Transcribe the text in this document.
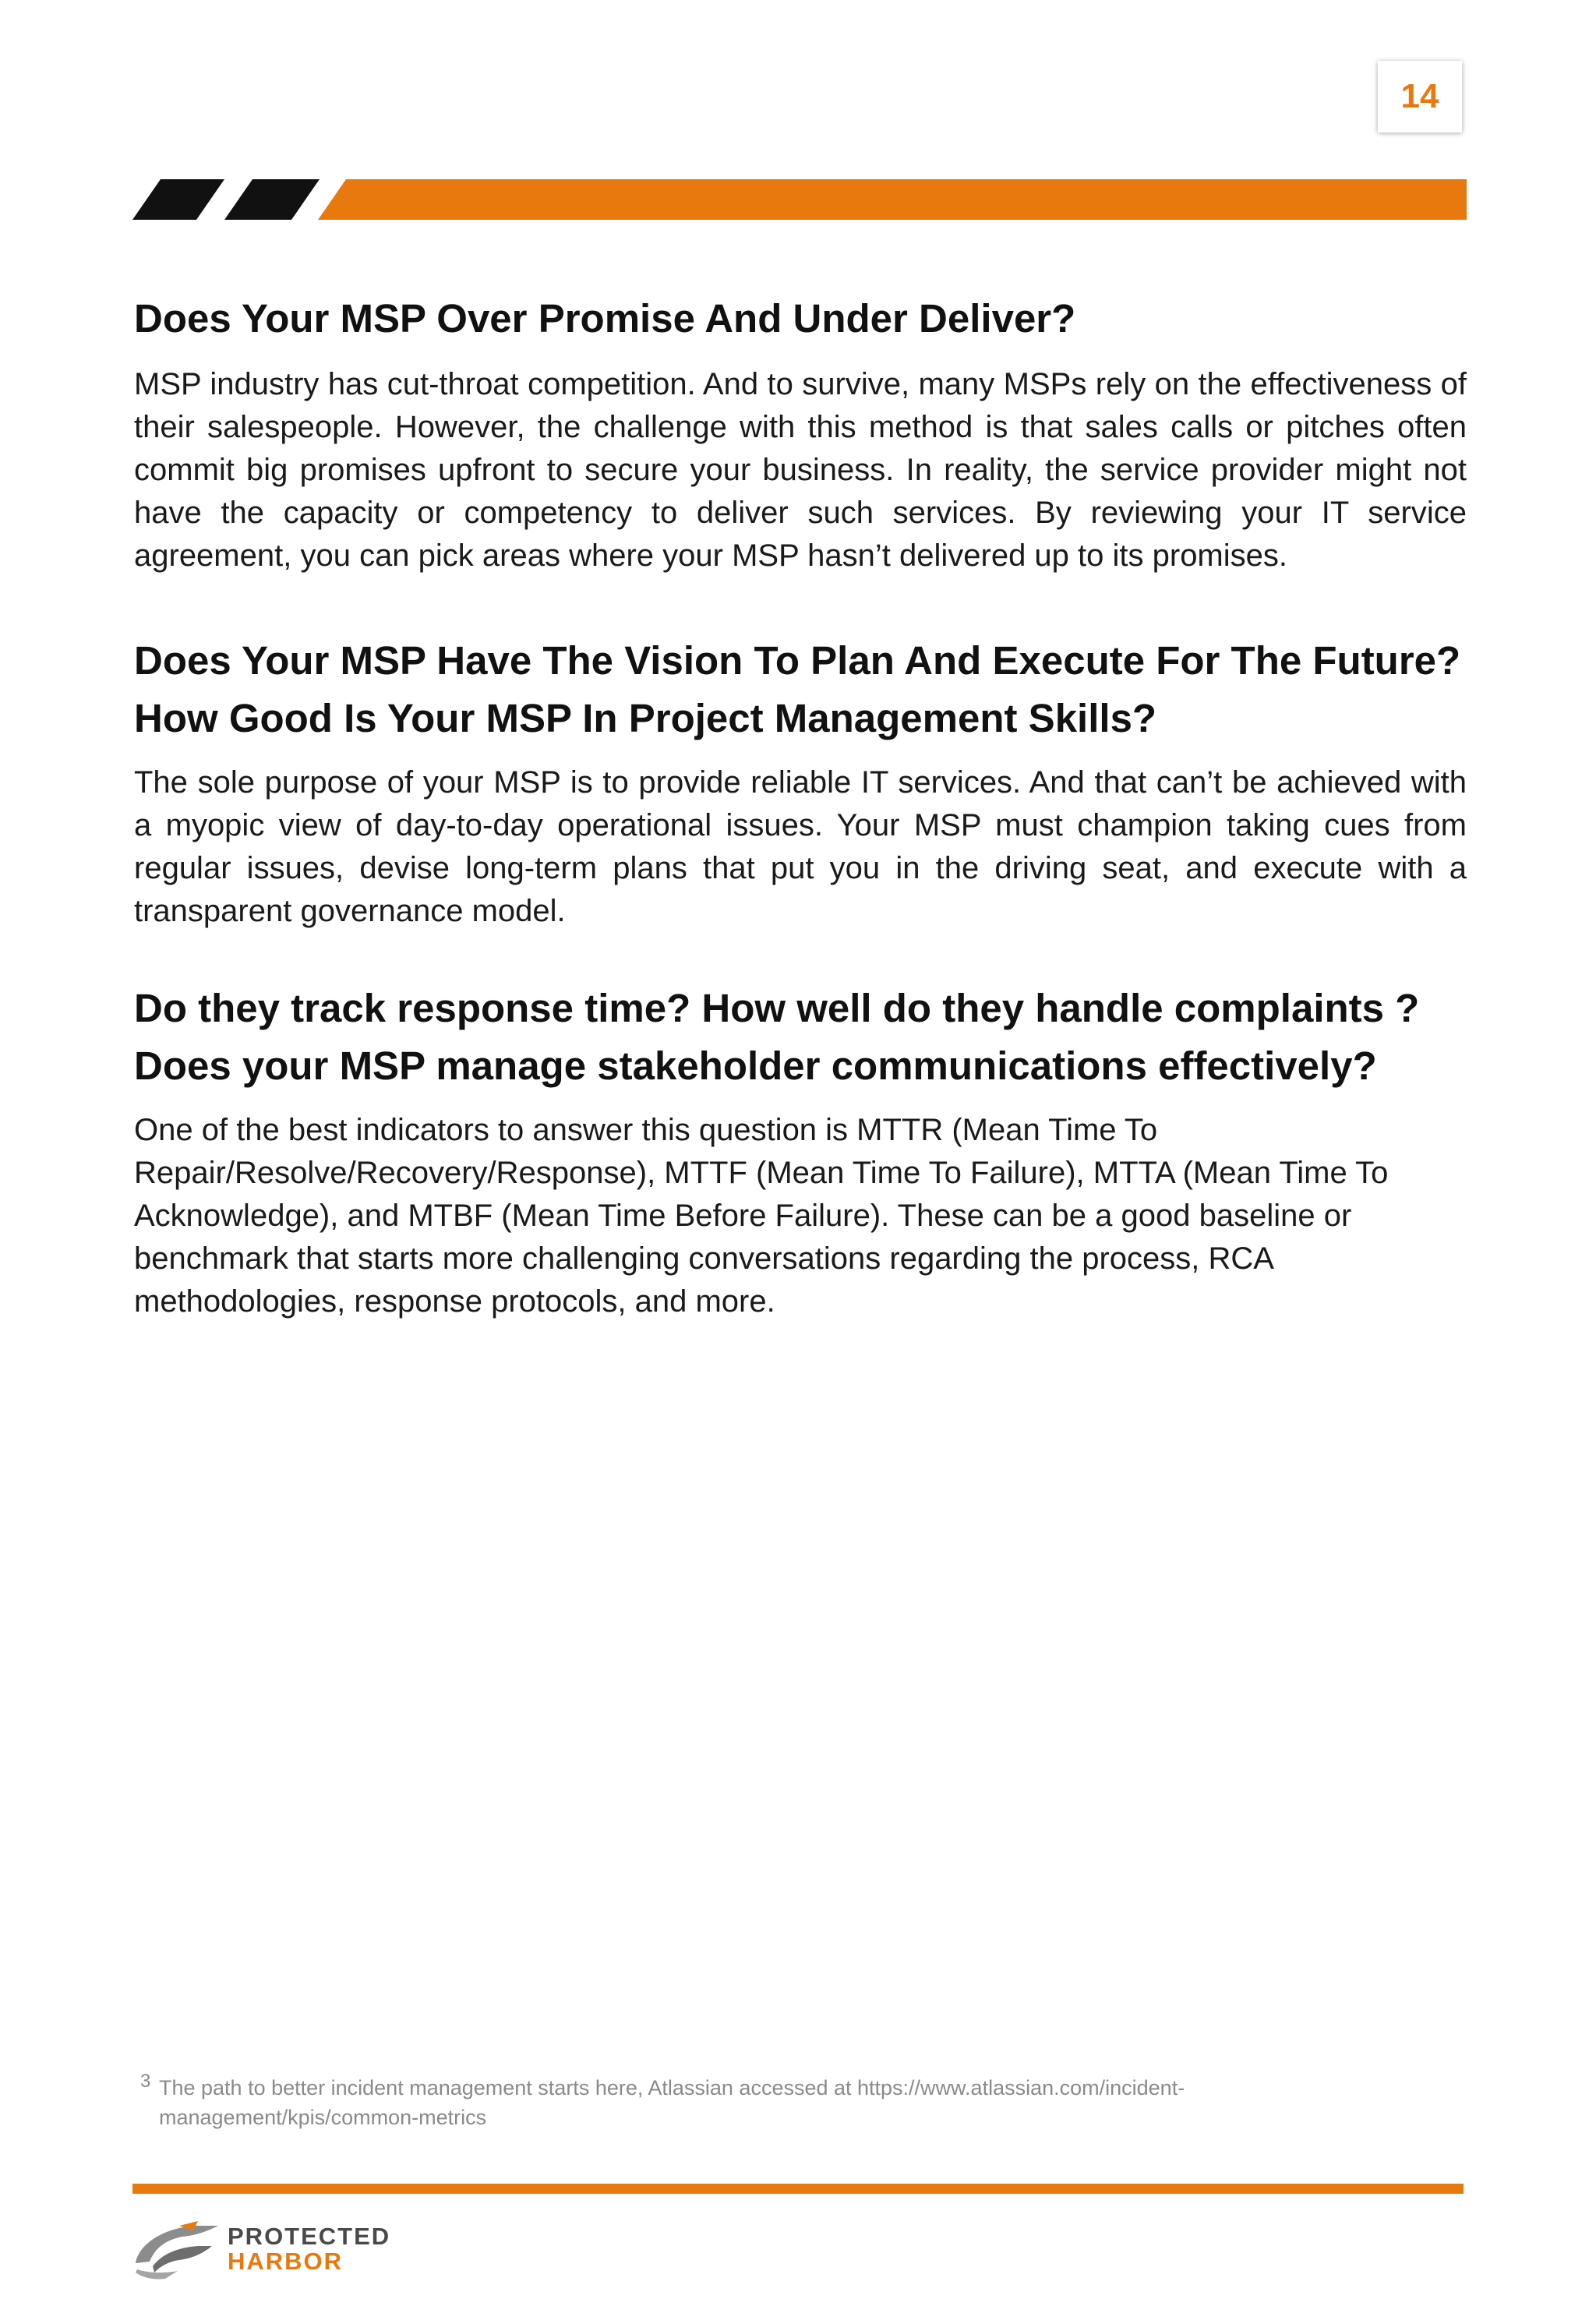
14
Does Your MSP Over Promise And Under Deliver?

MSP industry has cut-throat competition. And to survive, many MSPs rely on the effectiveness of their salespeople. However, the challenge with this method is that sales calls or pitches often commit big promises upfront to secure your business. In reality, the service provider might not have the capacity or competency to deliver such services. By reviewing your IT service agreement, you can pick areas where your MSP hasn’t delivered up to its promises.

Does Your MSP Have The Vision To Plan And Execute For The Future? How Good Is Your MSP In Project Management Skills?

The sole purpose of your MSP is to provide reliable IT services. And that can’t be achieved with a myopic view of day-to-day operational issues. Your MSP must champion taking cues from regular issues, devise long-term plans that put you in the driving seat, and execute with a transparent governance model.

Do they track response time? How well do they handle complaints ? Does your MSP manage stakeholder communications effectively?

One of the best indicators to answer this question is MTTR (Mean Time To Repair/Resolve/Recovery/Response), MTTF (Mean Time To Failure), MTTA (Mean Time To Acknowledge), and MTBF (Mean Time Before Failure). These can be a good baseline or benchmark that starts more challenging conversations regarding the process, RCA methodologies, response protocols, and more.

3 The path to better incident management starts here, Atlassian accessed at https://www.atlassian.com/incident-management/kpis/common-metrics
PROTECTED
HARBOR
